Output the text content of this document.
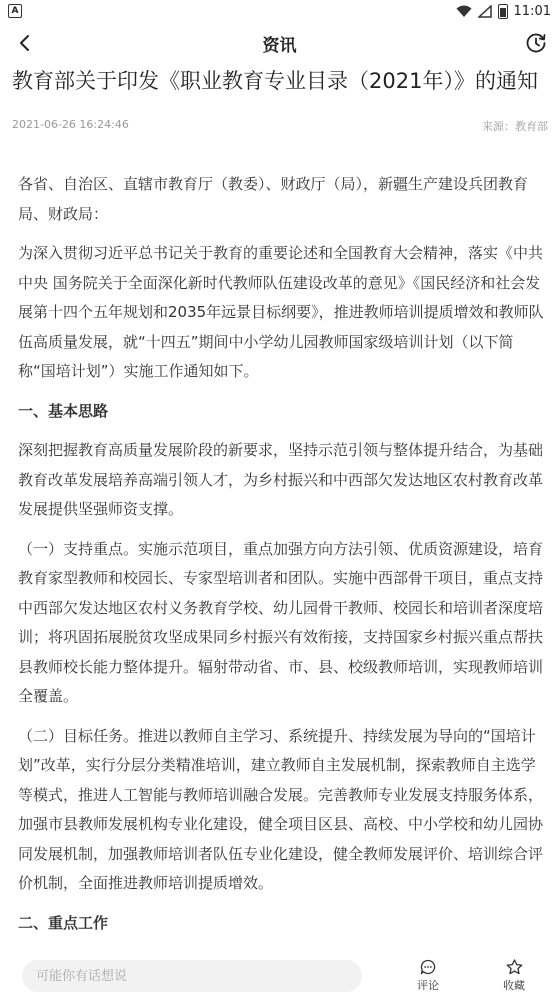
A	11:01
资讯
教育部关于印发《职业教育专业目录（2021年）》的通知
2021-06-26 16:24:46	来源：教育部

各省、自治区、直辖市教育厅（教委）、财政厅（局），新疆生产建设兵团教育局、财政局：

为深入贯彻习近平总书记关于教育的重要论述和全国教育大会精神，落实《中共中央 国务院关于全面深化新时代教师队伍建设改革的意见》《国民经济和社会发展第十四个五年规划和2035年远景目标纲要》，推进教师培训提质增效和教师队伍高质量发展，就“十四五”期间中小学幼儿园教师国家级培训计划（以下简称“国培计划”）实施工作通知如下。

一、基本思路

深刻把握教育高质量发展阶段的新要求，坚持示范引领与整体提升结合，为基础教育改革发展培养高端引领人才，为乡村振兴和中西部欠发达地区农村教育改革发展提供坚强师资支撑。

（一）支持重点。实施示范项目，重点加强方向方法引领、优质资源建设，培育教育家型教师和校园长、专家型培训者和团队。实施中西部骨干项目，重点支持中西部欠发达地区农村义务教育学校、幼儿园骨干教师、校园长和培训者深度培训；将巩固拓展脱贫攻坚成果同乡村振兴有效衔接，支持国家乡村振兴重点帮扶县教师校长能力整体提升。辐射带动省、市、县、校级教师培训，实现教师培训全覆盖。

（二）目标任务。推进以教师自主学习、系统提升、持续发展为导向的“国培计划”改革，实行分层分类精准培训，建立教师自主发展机制，探索教师自主选学等模式，推进人工智能与教师培训融合发展。完善教师专业发展支持服务体系，加强市县教师发展机构专业化建设，健全项目区县、高校、中小学校和幼儿园协同发展机制，加强教师培训者队伍专业化建设，健全教师发展评价、培训综合评价机制，全面推进教师培训提质增效。

二、重点工作

可能你有话想说
评论	收藏
